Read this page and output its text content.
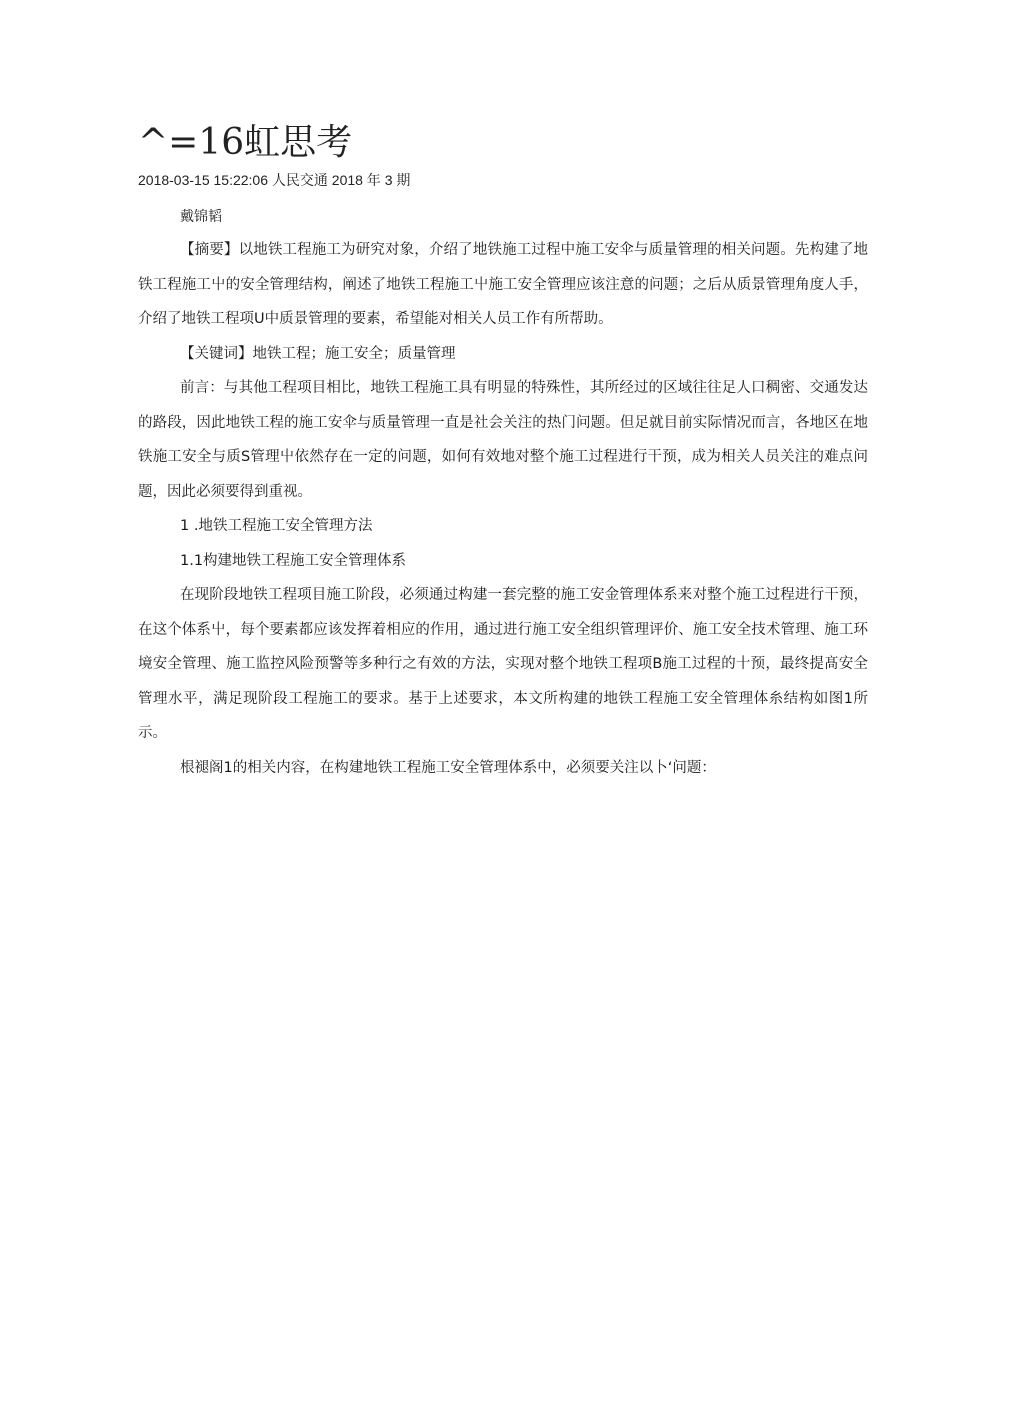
^=16虹思考
2018-03-15 15:22:06 人民交通 2018 年 3 期
戴锦韬

【摘要】以地铁工程施工为研究对象，介绍了地铁施工过程中施工安伞与质量管理的相关问题。先构建了地铁工程施工屮的安全管理结构，阐述了地铁工程施工屮施工安全管理应该注意的问题；之后从质景管理角度人手，介绍了地铁工程项U中质景管理的要素，希望能对相关人员工作有所帮助。

【关键词】地铁工程；施工安全；质量管理

前言：与其他工程项目相比，地铁工程施工具有明显的特殊性，其所经过的区域往往足人口稠密、交通发达的路段，因此地铁工程的施工安伞与质量管理一直是社会关注的热门问题。但足就目前实际情况而言，各地区在地铁施工安全与质S管理屮依然存在一定的问题，如何有效地对整个施工过程进行干预，成为相关人员关注的难点问题，因此必须要得到重视。

1 .地铁工程施工安全管理方法
1.1构建地铁工程施工安全管理体系

在现阶段地铁工程项目施工阶段，必须通过构建一套完整的施工安金管理体系来对整个施工过程进行干预，在这个体系屮，每个要素都应该发挥着相应的作用，通过进行施工安全组织管理评价、施工安全技术管理、施工环境安全管理、施工监控风险预警等多种行之有效的方法，实现对整个地铁工程项B施工过程的十预，最终提髙安全管理水平，满足现阶段工程施工的要求。基于上述要求，本文所构建的地铁工程施工安全管理体糸结构如图1所示。

根褪阁1的相关内容，在构建地铁工程施工安全管理体系中，必须要关注以卜‘问题：
